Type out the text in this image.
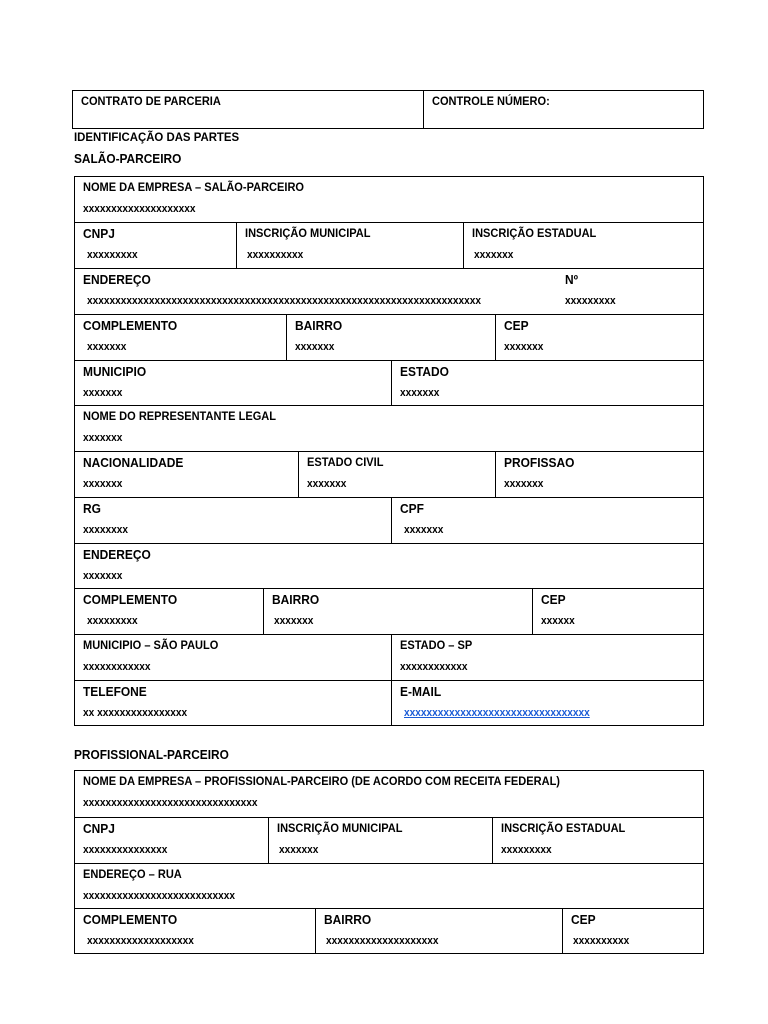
CONTRATO DE PARCERIA	CONTROLE NÚMERO:
IDENTIFICAÇÃO DAS PARTES
SALÃO-PARCEIRO
NOME DA EMPRESA – SALÃO-PARCEIRO
xxxxxxxxxxxxxxxxxxxx
CNPJ
xxxxxxxxx
INSCRIÇÃO MUNICIPAL
xxxxxxxxxx
INSCRIÇÃO ESTADUAL
xxxxxxx
ENDEREÇO
xxxxxxxxxxxxxxxxxxxxxxxxxxxxxxxxxxxxxxxxxxxxxxxxxxxxxxxxxxxxxxxxxxxxxx
Nº
xxxxxxxxx
COMPLEMENTO
xxxxxxx
BAIRRO
xxxxxxx
CEP
xxxxxxx
MUNICIPIO
xxxxxxx
ESTADO
xxxxxxx
NOME DO REPRESENTANTE LEGAL
xxxxxxx
NACIONALIDADE
xxxxxxx
ESTADO CIVIL
xxxxxxx
PROFISSAO
xxxxxxx
RG
xxxxxxxx
CPF
xxxxxxx
ENDEREÇO
xxxxxxx
COMPLEMENTO
xxxxxxxxx
BAIRRO
xxxxxxx
CEP
xxxxxx
MUNICIPIO – SÃO PAULO
xxxxxxxxxxxx
ESTADO – SP
xxxxxxxxxxxx
TELEFONE
xx xxxxxxxxxxxxxxxx
E-MAIL
xxxxxxxxxxxxxxxxxxxxxxxxxxxxxxxxx
PROFISSIONAL-PARCEIRO
NOME DA EMPRESA – PROFISSIONAL-PARCEIRO (DE ACORDO COM RECEITA FEDERAL)
xxxxxxxxxxxxxxxxxxxxxxxxxxxxxxx
CNPJ
xxxxxxxxxxxxxxx
INSCRIÇÃO MUNICIPAL
xxxxxxx
INSCRIÇÃO ESTADUAL
xxxxxxxxx
ENDEREÇO – RUA
xxxxxxxxxxxxxxxxxxxxxxxxxxx
COMPLEMENTO
xxxxxxxxxxxxxxxxxxx
BAIRRO
xxxxxxxxxxxxxxxxxxxx
CEP
xxxxxxxxxx
